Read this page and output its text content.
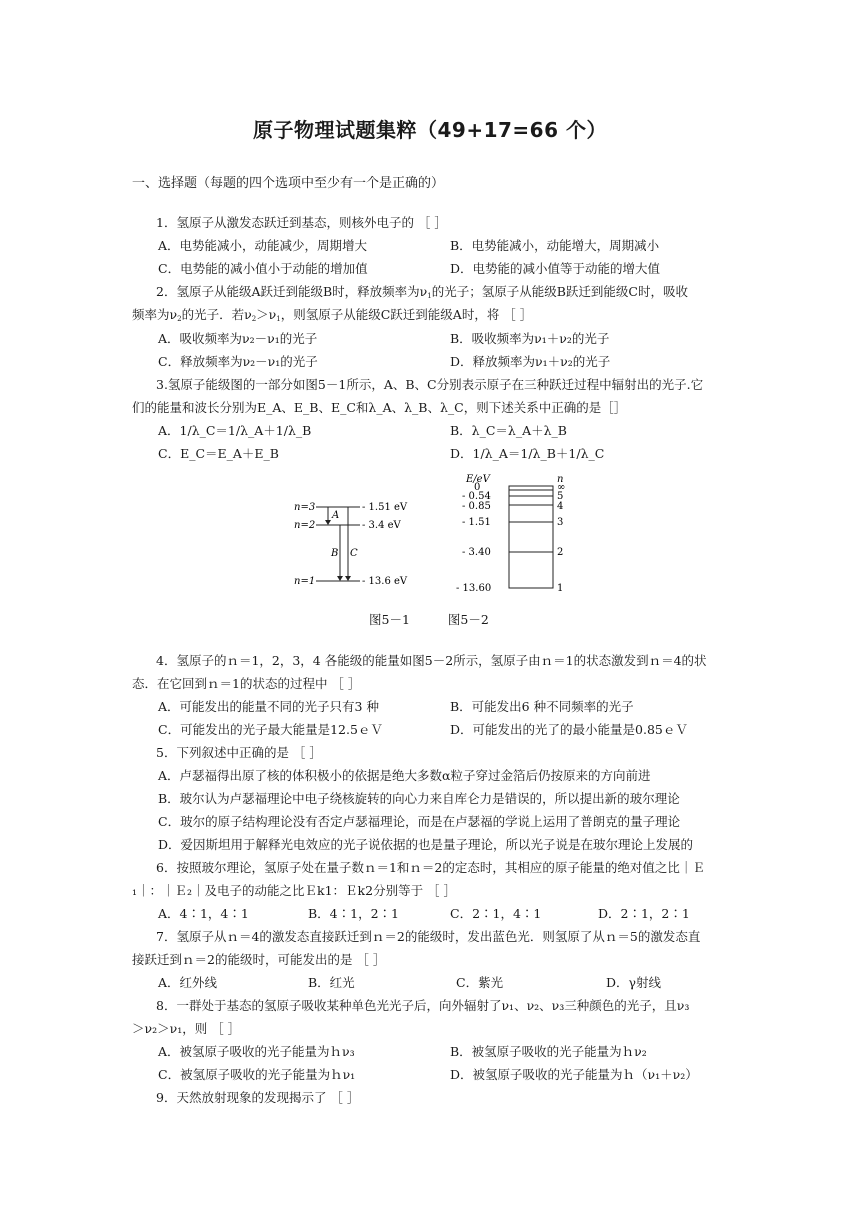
原子物理试题集粹（49+17=66 个）
一、选择题（每题的四个选项中至少有一个是正确的）
1．氢原子从激发态跃迁到基态，则核外电子的 ［ ］
A．电势能减小，动能减少，周期增大	B．电势能减小，动能增大，周期减小
C．电势能的减小值小于动能的增加值	D．电势能的减小值等于动能的增大值
2．氢原子从能级A跃迁到能级B时，释放频率为$\nu_1$的光子；氢原子从能级B跃迁到能级C时，吸收
频率为$\nu_2$的光子．若$\nu_2>\nu_1$，则氢原子从能级C跃迁到能级A时，将 ［ ］
A．吸收频率为ν₂－ν₁的光子	B．吸收频率为ν₁＋ν₂的光子
C．释放频率为ν₂－ν₁的光子	D．释放频率为ν₁＋ν₂的光子
3.氢原子能级图的一部分如图5－1所示，A、B、C分别表示原子在三种跃迁过程中辐射出的光子.它
们的能量和波长分别为E_A、E_B、E_C和λ_A、λ_B、λ_C，则下述关系中正确的是［］
A．1/λ_C＝1/λ_A＋1/λ_B	B．λ_C＝λ_A＋λ_B
C．E_C＝E_A＋E_B	D．1/λ_A＝1/λ_B＋1/λ_C
n=3
n=2
n=1
- 1.51 eV
- 3.4 eV
- 13.6 eV
A
B C
E/eV	n
0
- 0.54
- 0.85
- 1.51
- 3.40
- 13.60
∞
5
4
3
2
1
图5－1	图5－2
4．氢原子的ｎ＝1，2，3，4 各能级的能量如图5－2所示，氢原子由ｎ＝1的状态激发到ｎ＝4的状
态．在它回到ｎ＝1的状态的过程中 ［ ］
A．可能发出的能量不同的光子只有3 种	B．可能发出6 种不同频率的光子
C．可能发出的光子最大能量是12.5ｅＶ	D．可能发出的光了的最小能量是0.85ｅＶ
5．下列叙述中正确的是 ［ ］
A．卢瑟福得出原了核的体积极小的依据是绝大多数α粒子穿过金箔后仍按原来的方向前进
B．玻尔认为卢瑟福理论中电子绕核旋转的向心力来自库仑力是错误的，所以提出新的玻尔理论
C．玻尔的原子结构理论没有否定卢瑟福理论，而是在卢瑟福的学说上运用了普朗克的量子理论
D．爱因斯坦用于解释光电效应的光子说依据的也是量子理论，所以光子说是在玻尔理论上发展的
6．按照玻尔理论，氢原子处在量子数ｎ＝1和ｎ＝2的定态时，其相应的原子能量的绝对值之比｜Ｅ
₁｜：｜Ｅ₂｜及电子的动能之比Ｅk1：Ｅk2分别等于 ［ ］
A．4∶1，4∶1	B．4∶1，2∶1	C．2∶1，4∶1	D．2∶1，2∶1
7．氢原子从ｎ＝4的激发态直接跃迁到ｎ＝2的能级时，发出蓝色光．则氢原了从ｎ＝5的激发态直
接跃迁到ｎ＝2的能级时，可能发出的是 ［ ］
A．红外线	B．红光	C．紫光	D．γ射线
8．一群处于基态的氢原子吸收某种单色光光子后，向外辐射了ν₁、ν₂、ν₃三种颜色的光子，且ν₃
＞ν₂＞ν₁，则 ［ ］
A．被氢原子吸收的光子能量为ｈν₃	B．被氢原子吸收的光子能量为ｈν₂
C．被氢原子吸收的光子能量为ｈν₁	D．被氢原子吸收的光子能量为ｈ（ν₁＋ν₂）
9．天然放射现象的发现揭示了 ［ ］
